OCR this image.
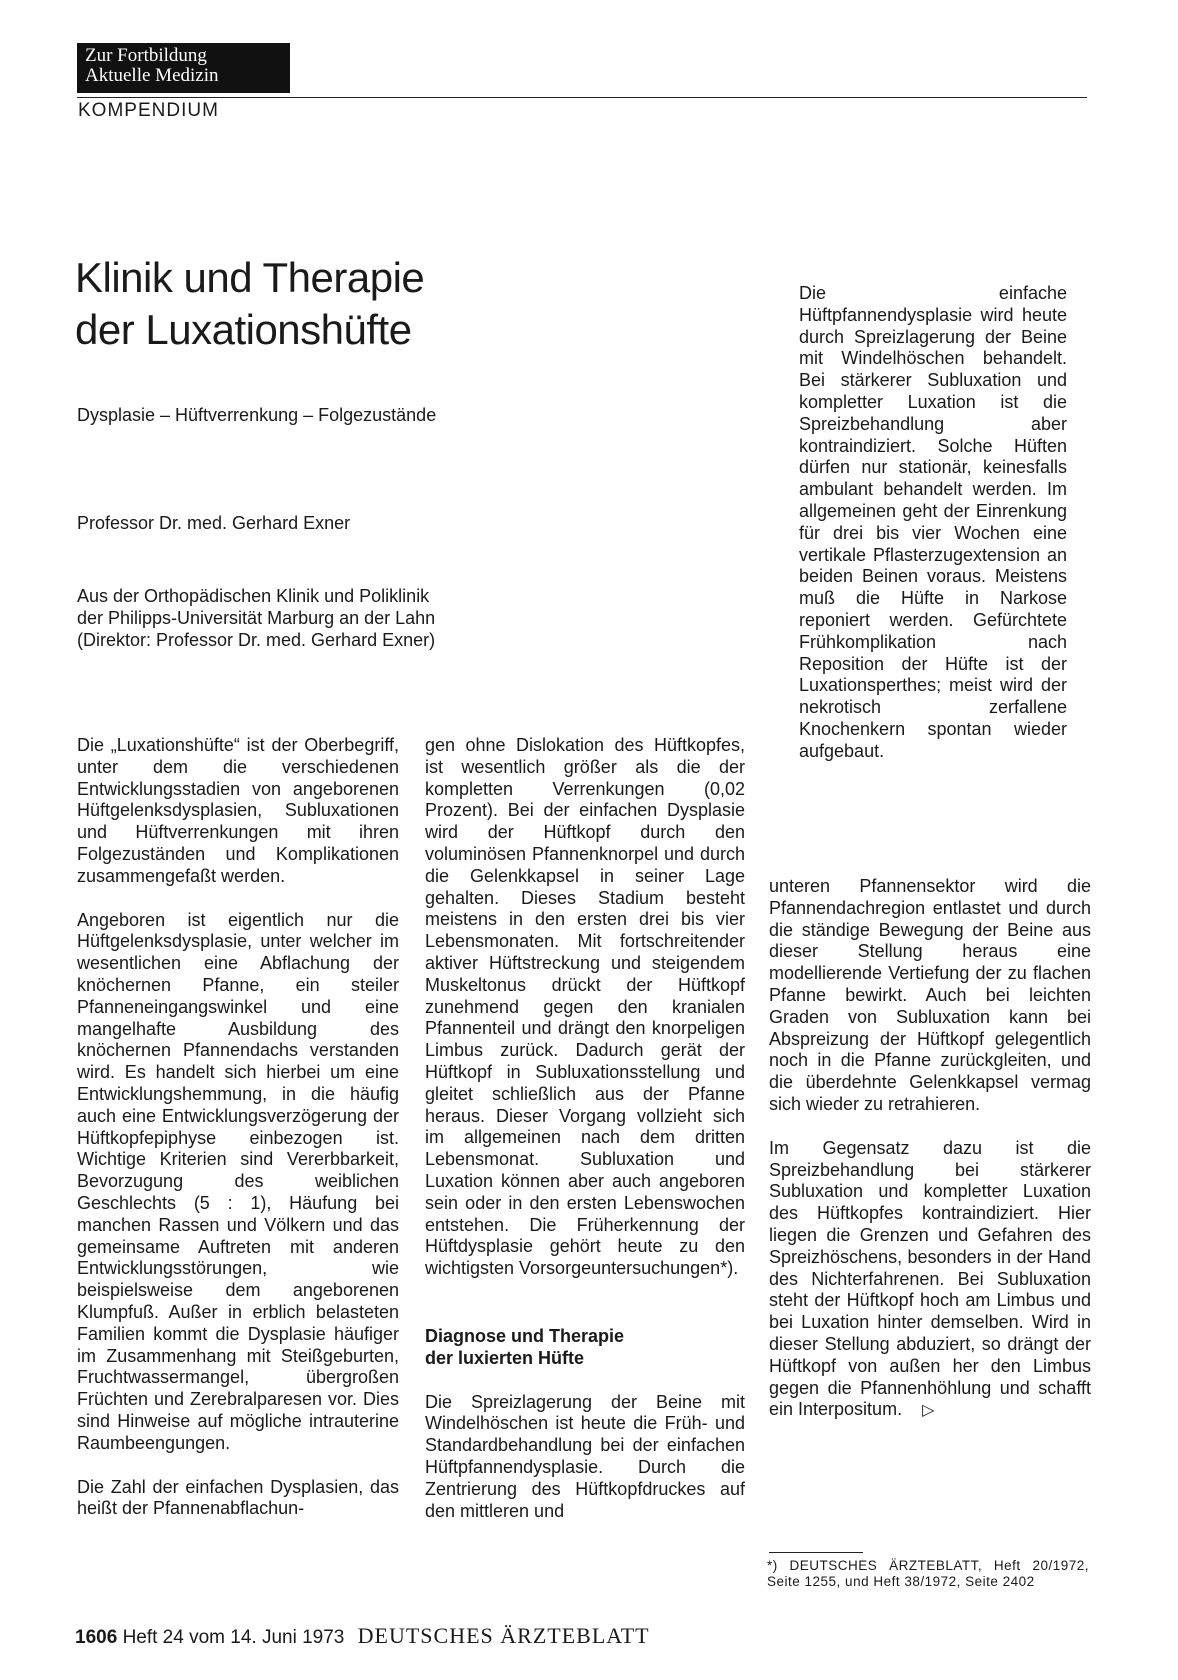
Zur Fortbildung
Aktuelle Medizin
KOMPENDIUM
Klinik und Therapie
der Luxationshüfte
Dysplasie – Hüftverrenkung – Folgezustände
Professor Dr. med. Gerhard Exner
Aus der Orthopädischen Klinik und Poliklinik
der Philipps-Universität Marburg an der Lahn
(Direktor: Professor Dr. med. Gerhard Exner)

Die „Luxationshüfte“ ist der Oberbegriff, unter dem die verschiedenen Entwicklungsstadien von angeborenen Hüftgelenksdysplasien, Subluxationen und Hüftverrenkungen mit ihren Folgezuständen und Komplikationen zusammengefaßt werden.

Angeboren ist eigentlich nur die Hüftgelenksdysplasie, unter welcher im wesentlichen eine Abflachung der knöchernen Pfanne, ein steiler Pfanneneingangswinkel und eine mangelhafte Ausbildung des knöchernen Pfannendachs verstanden wird. Es handelt sich hierbei um eine Entwicklungshemmung, in die häufig auch eine Entwicklungsverzögerung der Hüftkopfepiphyse einbezogen ist. Wichtige Kriterien sind Vererbbarkeit, Bevorzugung des weiblichen Geschlechts (5 : 1), Häufung bei manchen Rassen und Völkern und das gemeinsame Auftreten mit anderen Entwicklungsstörungen, wie beispielsweise dem angeborenen Klumpfuß. Außer in erblich belasteten Familien kommt die Dysplasie häufiger im Zusammenhang mit Steißgeburten, Fruchtwassermangel, übergroßen Früchten und Zerebralparesen vor. Dies sind Hinweise auf mögliche intrauterine Raumbeengungen.

Die Zahl der einfachen Dysplasien, das heißt der Pfannenabflachun-

gen ohne Dislokation des Hüftkopfes, ist wesentlich größer als die der kompletten Verrenkungen (0,02 Prozent). Bei der einfachen Dysplasie wird der Hüftkopf durch den voluminösen Pfannenknorpel und durch die Gelenkkapsel in seiner Lage gehalten. Dieses Stadium besteht meistens in den ersten drei bis vier Lebensmonaten. Mit fortschreitender aktiver Hüftstreckung und steigendem Muskeltonus drückt der Hüftkopf zunehmend gegen den kranialen Pfannenteil und drängt den knorpeligen Limbus zurück. Dadurch gerät der Hüftkopf in Subluxationsstellung und gleitet schließlich aus der Pfanne heraus. Dieser Vorgang vollzieht sich im allgemeinen nach dem dritten Lebensmonat. Subluxation und Luxation können aber auch angeboren sein oder in den ersten Lebenswochen entstehen. Die Früherkennung der Hüftdysplasie gehört heute zu den wichtigsten Vorsorgeuntersuchungen*).

Diagnose und Therapie
der luxierten Hüfte

Die Spreizlagerung der Beine mit Windelhöschen ist heute die Früh- und Standardbehandlung bei der einfachen Hüftpfannendysplasie. Durch die Zentrierung des Hüftkopfdruckes auf den mittleren und

Die einfache Hüftpfannendysplasie wird heute durch Spreizlagerung der Beine mit Windelhöschen behandelt. Bei stärkerer Subluxation und kompletter Luxation ist die Spreizbehandlung aber kontraindiziert. Solche Hüften dürfen nur stationär, keinesfalls ambulant behandelt werden. Im allgemeinen geht der Einrenkung für drei bis vier Wochen eine vertikale Pflasterzugextension an beiden Beinen voraus. Meistens muß die Hüfte in Narkose reponiert werden. Gefürchtete Frühkomplikation nach Reposition der Hüfte ist der Luxationsperthes; meist wird der nekrotisch zerfallene Knochenkern spontan wieder aufgebaut.

unteren Pfannensektor wird die Pfannendachregion entlastet und durch die ständige Bewegung der Beine aus dieser Stellung heraus eine modellierende Vertiefung der zu flachen Pfanne bewirkt. Auch bei leichten Graden von Subluxation kann bei Abspreizung der Hüftkopf gelegentlich noch in die Pfanne zurückgleiten, und die überdehnte Gelenkkapsel vermag sich wieder zu retrahieren.

Im Gegensatz dazu ist die Spreizbehandlung bei stärkerer Subluxation und kompletter Luxation des Hüftkopfes kontraindiziert. Hier liegen die Grenzen und Gefahren des Spreizhöschens, besonders in der Hand des Nichterfahrenen. Bei Subluxation steht der Hüftkopf hoch am Limbus und bei Luxation hinter demselben. Wird in dieser Stellung abduziert, so drängt der Hüftkopf von außen her den Limbus gegen die Pfannenhöhlung und schafft ein Interpositum. ▷

*) DEUTSCHES ÄRZTEBLATT, Heft 20/1972, Seite 1255, und Heft 38/1972, Seite 2402

1606 Heft 24 vom 14. Juni 1973 DEUTSCHES ÄRZTEBLATT
